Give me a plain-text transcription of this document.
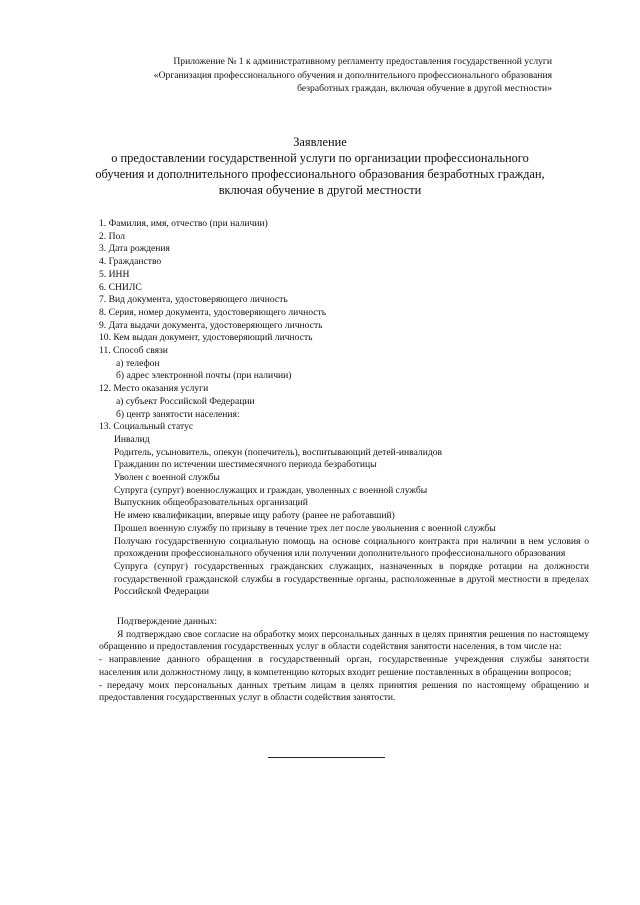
Приложение № 1 к административному регламенту предоставления государственной услуги
«Организация профессионального обучения и дополнительного профессионального образования
безработных граждан, включая обучение в другой местности»
Заявление
о предоставлении государственной услуги по организации профессионального
обучения и дополнительного профессионального образования безработных граждан,
включая обучение в другой местности
1. Фамилия, имя, отчество (при наличии)
2. Пол
3. Дата рождения
4. Гражданство
5. ИНН
6. СНИЛС
7. Вид документа, удостоверяющего личность
8. Серия, номер документа, удостоверяющего личность
9. Дата выдачи документа, удостоверяющего личность
10. Кем выдан документ, удостоверяющий личность
11. Способ связи
а) телефон
б) адрес электронной почты (при наличии)
12. Место оказания услуги
а) субъект Российской Федерации
б) центр занятости населения:
13. Социальный статус
Инвалид
Родитель, усыновитель, опекун (попечитель), воспитывающий детей-инвалидов
Гражданин по истечении шестимесячного периода безработицы
Уволен с военной службы
Супруга (супруг) военнослужащих и граждан, уволенных с военной службы
Выпускник общеобразовательных организаций
Не имею квалификации, впервые ищу работу (ранее не работавший)
Прошел военную службу по призыву в течение трех лет после увольнения с военной службы
Получаю государственную социальную помощь на основе социального контракта при наличии в нем условия о прохождении профессионального обучения или получении дополнительного профессионального образования
Супруга (супруг) государственных гражданских служащих, назначенных в порядке ротации на должности государственной гражданской службы в государственные органы, расположенные в другой местности в пределах Российской Федерации
Подтверждение данных:
Я подтверждаю свое согласие на обработку моих персональных данных в целях принятия решения по настоящему обращению и предоставления государственных услуг в области содействия занятости населения, в том числе на:
- направление данного обращения в государственный орган, государственные учреждения службы занятости населения или должностному лицу, в компетенцию которых входит решение поставленных в обращении вопросов;
- передачу моих персональных данных третьим лицам в целях принятия решения по настоящему обращению и предоставления государственных услуг в области содействия занятости.
